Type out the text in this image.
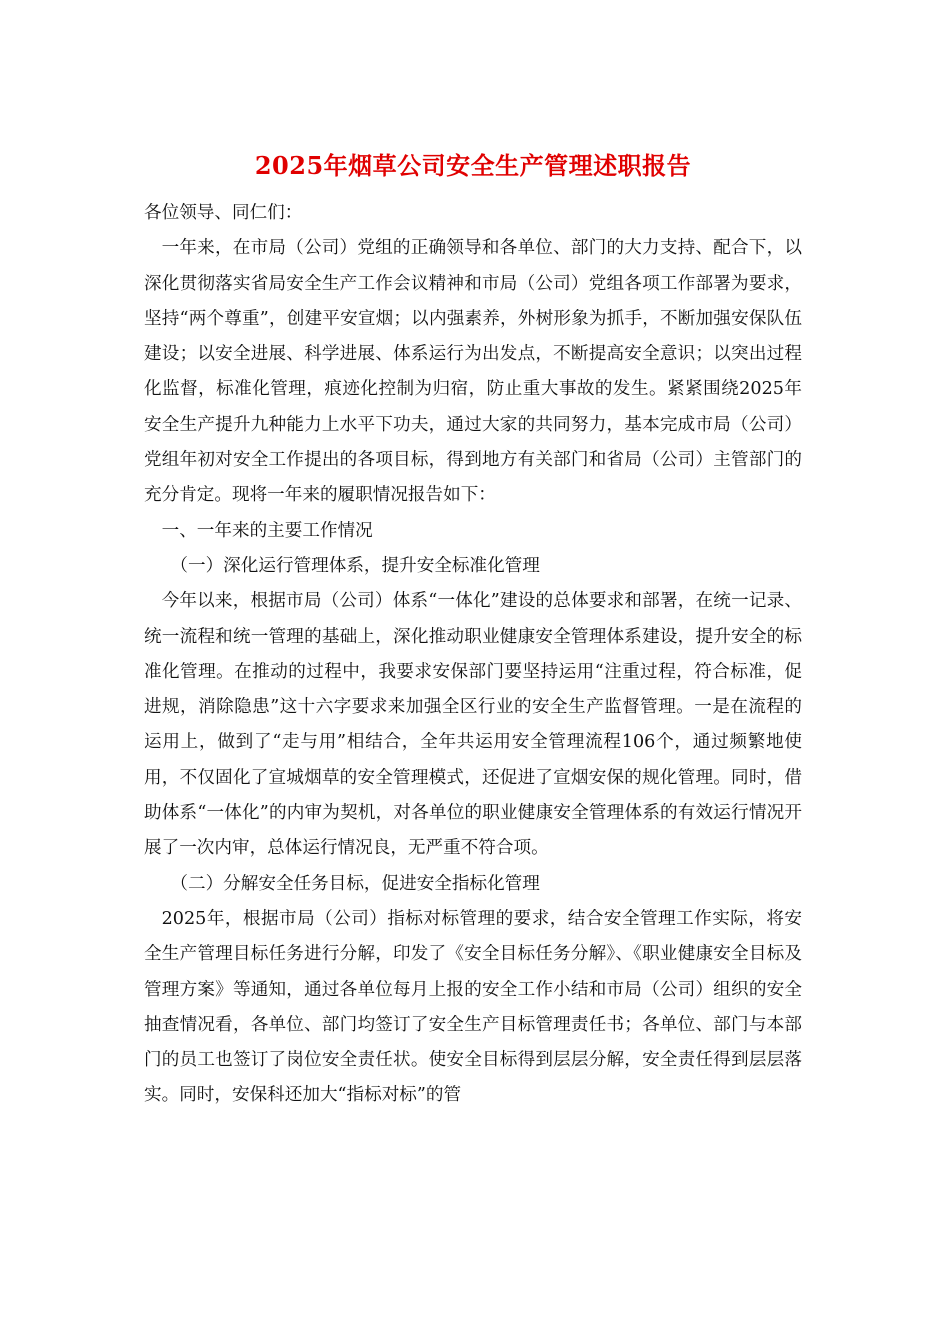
2025年烟草公司安全生产管理述职报告

各位领导、同仁们：

一年来，在市局（公司）党组的正确领导和各单位、部门的大力支持、配合下，以深化贯彻落实省局安全生产工作会议精神和市局（公司）党组各项工作部署为要求，坚持“两个尊重”，创建平安宣烟；以内强素养，外树形象为抓手，不断加强安保队伍建设；以安全进展、科学进展、体系运行为出发点，不断提高安全意识；以突出过程化监督，标准化管理，痕迹化控制为归宿，防止重大事故的发生。紧紧围绕2025年安全生产提升九种能力上水平下功夫，通过大家的共同努力，基本完成市局（公司）党组年初对安全工作提出的各项目标，得到地方有关部门和省局（公司）主管部门的充分肯定。现将一年来的履职情况报告如下：

一、一年来的主要工作情况

（一）深化运行管理体系，提升安全标准化管理

今年以来，根据市局（公司）体系“一体化”建设的总体要求和部署，在统一记录、统一流程和统一管理的基础上，深化推动职业健康安全管理体系建设，提升安全的标准化管理。在推动的过程中，我要求安保部门要坚持运用“注重过程，符合标准，促进规，消除隐患”这十六字要求来加强全区行业的安全生产监督管理。一是在流程的运用上，做到了“走与用”相结合，全年共运用安全管理流程106个，通过频繁地使用，不仅固化了宣城烟草的安全管理模式，还促进了宣烟安保的规化管理。同时，借助体系“一体化”的内审为契机，对各单位的职业健康安全管理体系的有效运行情况开展了一次内审，总体运行情况良，无严重不符合项。

（二）分解安全任务目标，促进安全指标化管理

2025年，根据市局（公司）指标对标管理的要求，结合安全管理工作实际，将安全生产管理目标任务进行分解，印发了《安全目标任务分解》、《职业健康安全目标及管理方案》等通知，通过各单位每月上报的安全工作小结和市局（公司）组织的安全抽查情况看，各单位、部门均签订了安全生产目标管理责任书；各单位、部门与本部门的员工也签订了岗位安全责任状。使安全目标得到层层分解，安全责任得到层层落实。同时，安保科还加大“指标对标”的管
